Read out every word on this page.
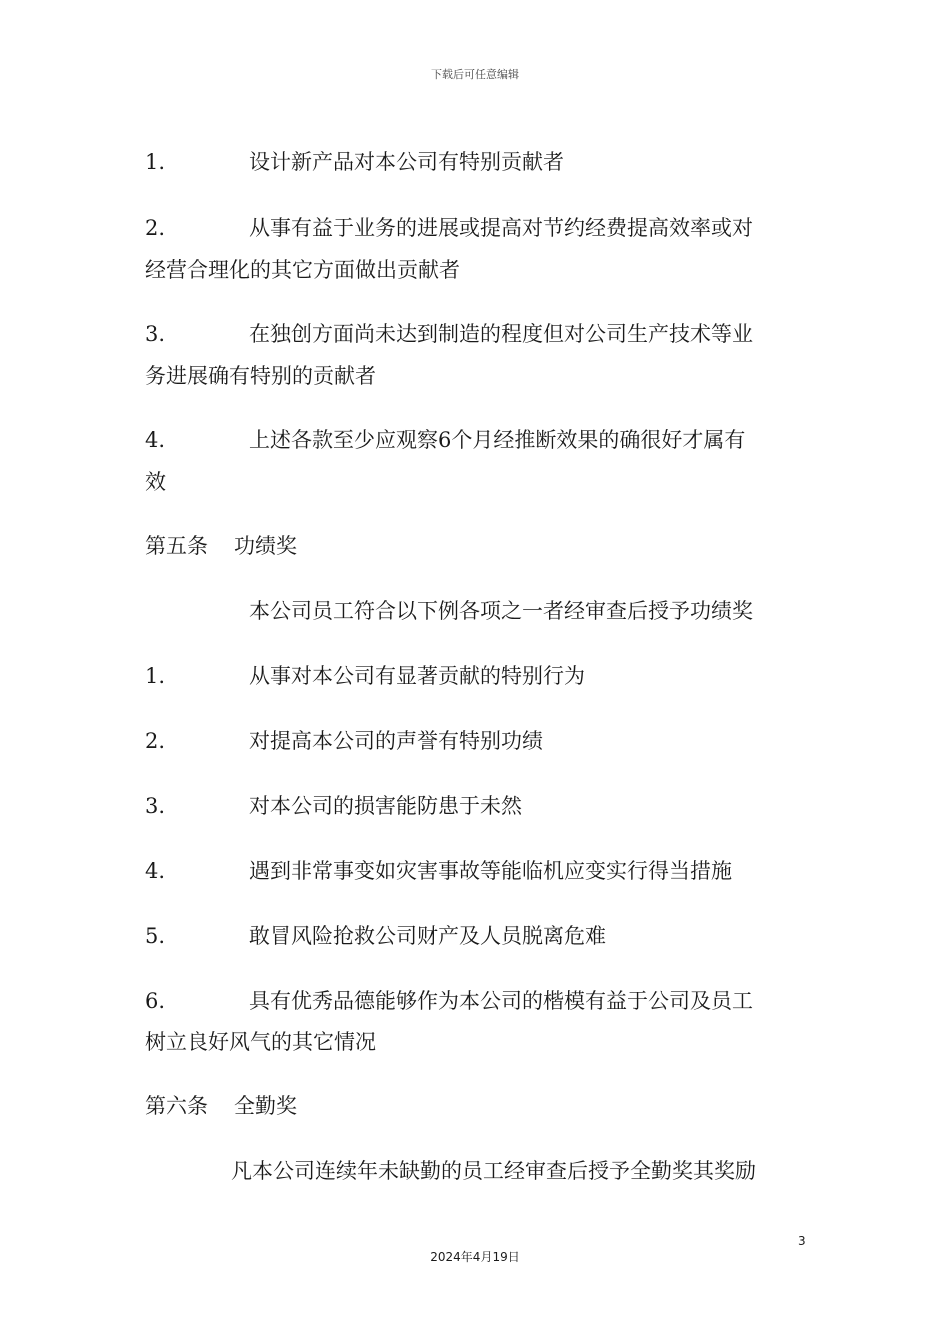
下载后可任意编辑
1.	设计新产品对本公司有特别贡献者
2.	从事有益于业务的进展或提高对节约经费提高效率或对
经营合理化的其它方面做出贡献者
3.	在独创方面尚未达到制造的程度但对公司生产技术等业
务进展确有特别的贡献者
4.	上述各款至少应观察6个月经推断效果的确很好才属有
效
第五条 功绩奖
本公司员工符合以下例各项之一者经审查后授予功绩奖
1.	从事对本公司有显著贡献的特别行为
2.	对提高本公司的声誉有特别功绩
3.	对本公司的损害能防患于未然
4.	遇到非常事变如灾害事故等能临机应变实行得当措施
5.	敢冒风险抢救公司财产及人员脱离危难
6.	具有优秀品德能够作为本公司的楷模有益于公司及员工
树立良好风气的其它情况
第六条 全勤奖
凡本公司连续年未缺勤的员工经审查后授予全勤奖其奖励
3
2024年4月19日
